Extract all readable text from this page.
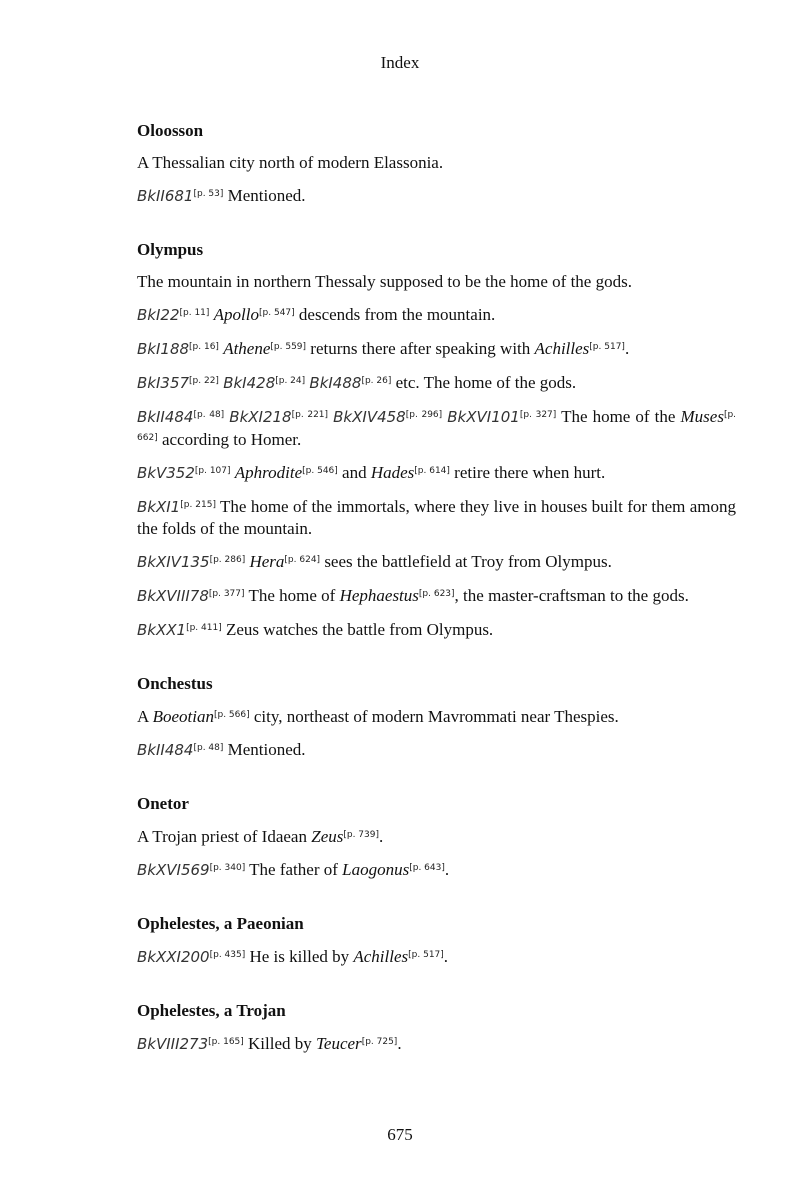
Index
Oloosson
A Thessalian city north of modern Elassonia.
BkII681[p. 53] Mentioned.
Olympus
The mountain in northern Thessaly supposed to be the home of the gods.
BkI22[p. 11] Apollo[p. 547] descends from the mountain.
BkI188[p. 16] Athene[p. 559] returns there after speaking with Achilles[p. 517].
BkI357[p. 22] BkI428[p. 24] BkI488[p. 26] etc. The home of the gods.
BkII484[p. 48] BkXI218[p. 221] BkXIV458[p. 296] BkXVI101[p. 327] The home of the Muses[p. 662] according to Homer.
BkV352[p. 107] Aphrodite[p. 546] and Hades[p. 614] retire there when hurt.
BkXI1[p. 215] The home of the immortals, where they live in houses built for them among the folds of the mountain.
BkXIV135[p. 286] Hera[p. 624] sees the battlefield at Troy from Olympus.
BkXVIII78[p. 377] The home of Hephaestus[p. 623], the master-craftsman to the gods.
BkXX1[p. 411] Zeus watches the battle from Olympus.
Onchestus
A Boeotian[p. 566] city, northeast of modern Mavrommati near Thespies.
BkII484[p. 48] Mentioned.
Onetor
A Trojan priest of Idaean Zeus[p. 739].
BkXVI569[p. 340] The father of Laogonus[p. 643].
Ophelestes, a Paeonian
BkXXI200[p. 435] He is killed by Achilles[p. 517].
Ophelestes, a Trojan
BkVIII273[p. 165] Killed by Teucer[p. 725].
675
